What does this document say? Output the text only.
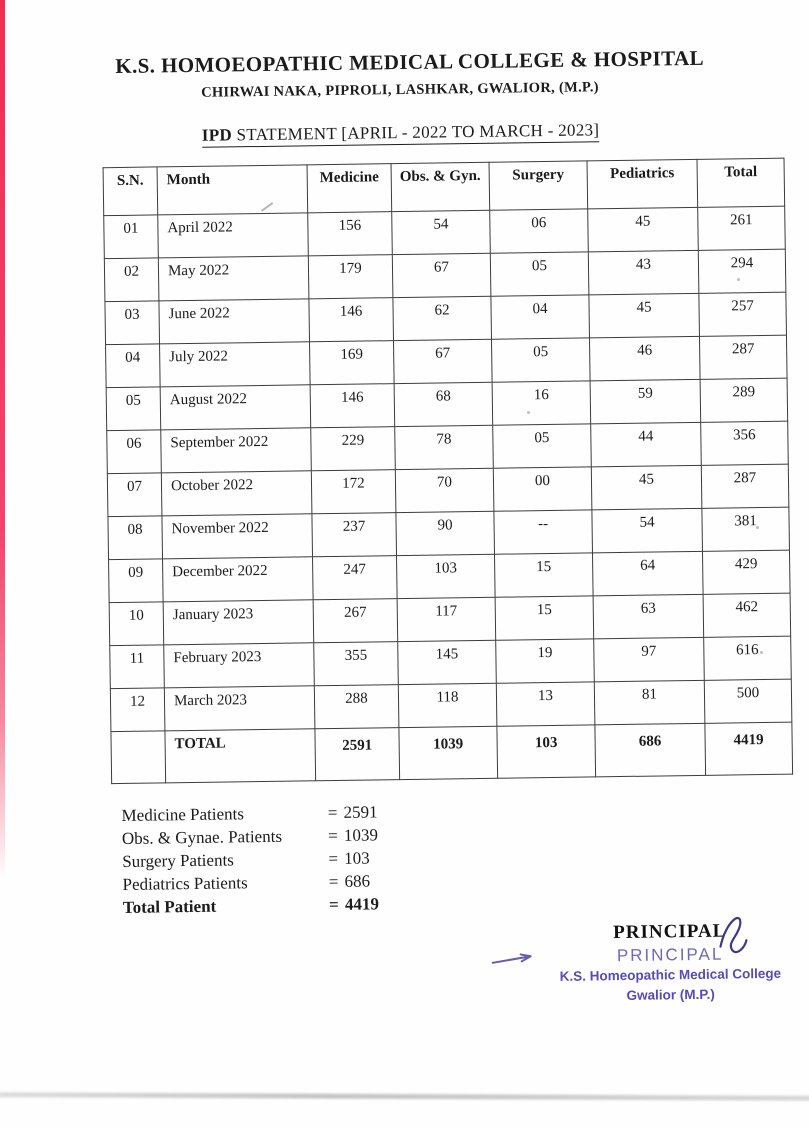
K.S. HOMOEOPATHIC MEDICAL COLLEGE & HOSPITAL
CHIRWAI NAKA, PIPROLI, LASHKAR, GWALIOR, (M.P.)
IPD STATEMENT [APRIL - 2022 TO MARCH - 2023]
S.N.	Month	Medicine	Obs. & Gyn.	Surgery	Pediatrics	Total
01	April 2022	156	54	06	45	261
02	May 2022	179	67	05	43	294
03	June 2022	146	62	04	45	257
04	July 2022	169	67	05	46	287
05	August 2022	146	68	16	59	289
06	September 2022	229	78	05	44	356
07	October 2022	172	70	00	45	287
08	November 2022	237	90	--	54	381
09	December 2022	247	103	15	64	429
10	January 2023	267	117	15	63	462
11	February 2023	355	145	19	97	616
12	March 2023	288	118	13	81	500
	TOTAL	2591	1039	103	686	4419
Medicine Patients	= 2591
Obs. & Gynae. Patients	= 1039
Surgery Patients	= 103
Pediatrics Patients	= 686
Total Patient	= 4419
PRINCIPAL
PRINCIPAL
K.S. Homeopathic Medical College
Gwalior (M.P.)
